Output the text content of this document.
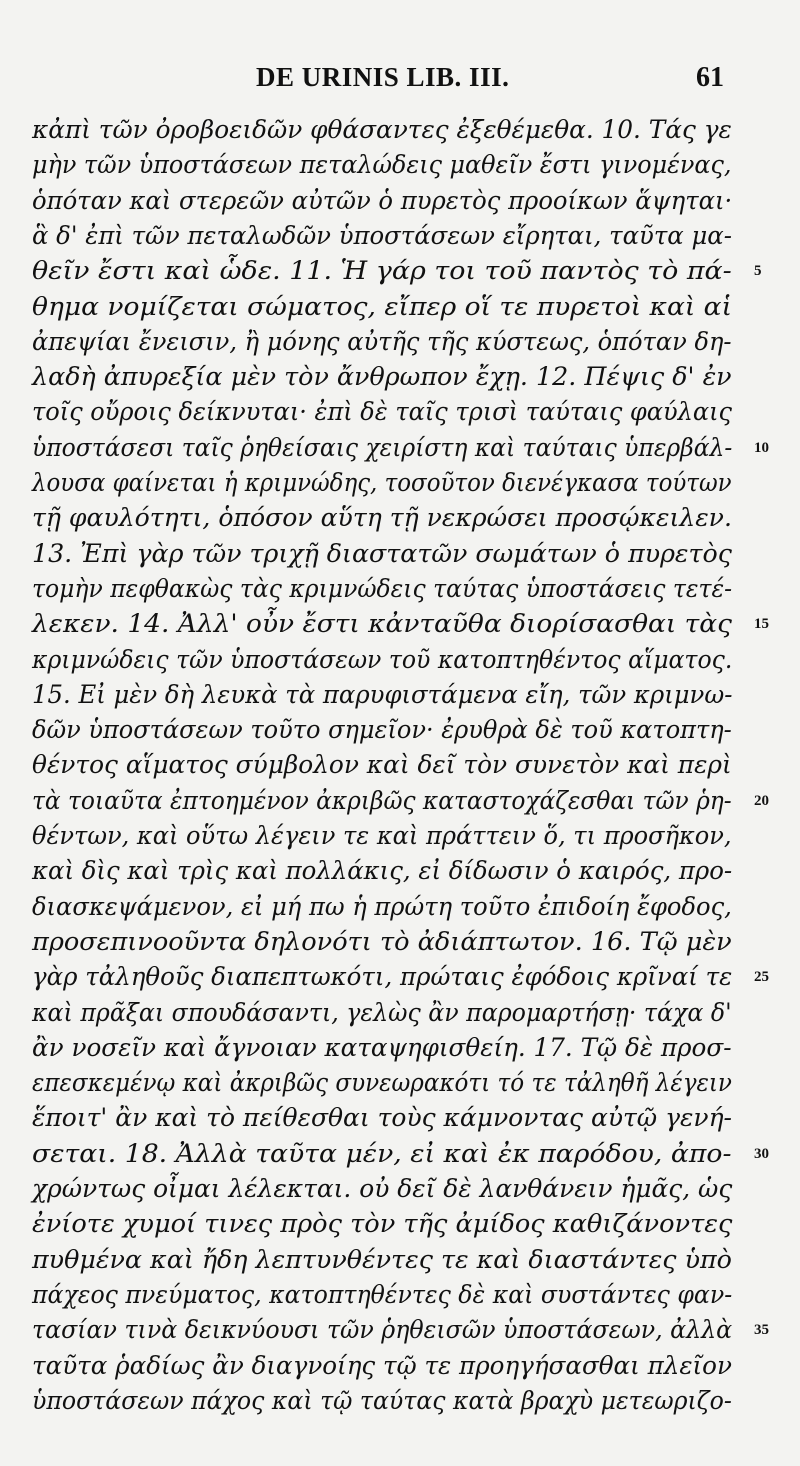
DE URINIS LIB. III.	61
κἀπὶ τῶν ὀροβοειδῶν φθάσαντες ἐξεθέμεθα. 10. Τάς γε
μὴν τῶν ὑποστάσεων πεταλώδεις μαθεῖν ἔστι γινομένας,
ὁπόταν καὶ στερεῶν αὐτῶν ὁ πυρετὸς προοίκων ἅψηται·
ἃ δ' ἐπὶ τῶν πεταλωδῶν ὑποστάσεων εἴρηται, ταῦτα μα-
θεῖν ἔστι καὶ ὧδε. 11. Ἡ γάρ τοι τοῦ παντὸς τὸ πά-
θημα νομίζεται σώματος, εἴπερ οἵ τε πυρετοὶ καὶ αἱ
ἀπεψίαι ἔνεισιν, ἢ μόνης αὐτῆς τῆς κύστεως, ὁπόταν δη-
λαδὴ ἀπυρεξία μὲν τὸν ἄνθρωπον ἔχῃ. 12. Πέψις δ' ἐν
τοῖς οὔροις δείκνυται· ἐπὶ δὲ ταῖς τρισὶ ταύταις φαύλαις
ὑποστάσεσι ταῖς ῥηθείσαις χειρίστη καὶ ταύταις ὑπερβάλ-
λουσα φαίνεται ἡ κριμνώδης, τοσοῦτον διενέγκασα τούτων
τῇ φαυλότητι, ὁπόσον αὕτη τῇ νεκρώσει προσῴκειλεν.
13. Ἐπὶ γὰρ τῶν τριχῇ διαστατῶν σωμάτων ὁ πυρετὸς
τομὴν πεφθακὼς τὰς κριμνώδεις ταύτας ὑποστάσεις τετέ-
λεκεν. 14. Ἀλλ' οὖν ἔστι κἀνταῦθα διορίσασθαι τὰς
κριμνώδεις τῶν ὑποστάσεων τοῦ κατοπτηθέντος αἵματος.
15. Εἰ μὲν δὴ λευκὰ τὰ παρυφιστάμενα εἴη, τῶν κριμνω-
δῶν ὑποστάσεων τοῦτο σημεῖον· ἐρυθρὰ δὲ τοῦ κατοπτη-
θέντος αἵματος σύμβολον καὶ δεῖ τὸν συνετὸν καὶ περὶ
τὰ τοιαῦτα ἐπτοημένον ἀκριβῶς καταστοχάζεσθαι τῶν ῥη-
θέντων, καὶ οὕτω λέγειν τε καὶ πράττειν ὅ, τι προσῆκον,
καὶ δὶς καὶ τρὶς καὶ πολλάκις, εἰ δίδωσιν ὁ καιρός, προ-
διασκεψάμενον, εἰ μή πω ἡ πρώτη τοῦτο ἐπιδοίη ἔφοδος,
προσεπινοοῦντα δηλονότι τὸ ἀδιάπτωτον. 16. Τῷ μὲν
γὰρ τἀληθοῦς διαπεπτωκότι, πρώταις ἐφόδοις κρῖναί τε
καὶ πρᾶξαι σπουδάσαντι, γελὼς ἂν παρομαρτήσῃ· τάχα δ'
ἂν νοσεῖν καὶ ἄγνοιαν καταψηφισθείη. 17. Τῷ δὲ προσ-
επεσκεμένῳ καὶ ἀκριβῶς συνεωρακότι τό τε τἀληθῆ λέγειν
ἕποιτ' ἂν καὶ τὸ πείθεσθαι τοὺς κάμνοντας αὐτῷ γενή-
σεται. 18. Ἀλλὰ ταῦτα μέν, εἰ καὶ ἐκ παρόδου, ἀπο-
χρώντως οἶμαι λέλεκται. οὐ δεῖ δὲ λανθάνειν ἡμᾶς, ὡς
ἐνίοτε χυμοί τινες πρὸς τὸν τῆς ἀμίδος καθιζάνοντες
πυθμένα καὶ ἤδη λεπτυνθέντες τε καὶ διαστάντες ὑπὸ
πάχεος πνεύματος, κατοπτηθέντες δὲ καὶ συστάντες φαν-
τασίαν τινὰ δεικνύουσι τῶν ῥηθεισῶν ὑποστάσεων, ἀλλὰ
ταῦτα ῥαδίως ἂν διαγνοίης τῷ τε προηγήσασθαι πλεῖον
ὑποστάσεων πάχος καὶ τῷ ταύτας κατὰ βραχὺ μετεωριζο-
5
10
15
20
25
30
35
